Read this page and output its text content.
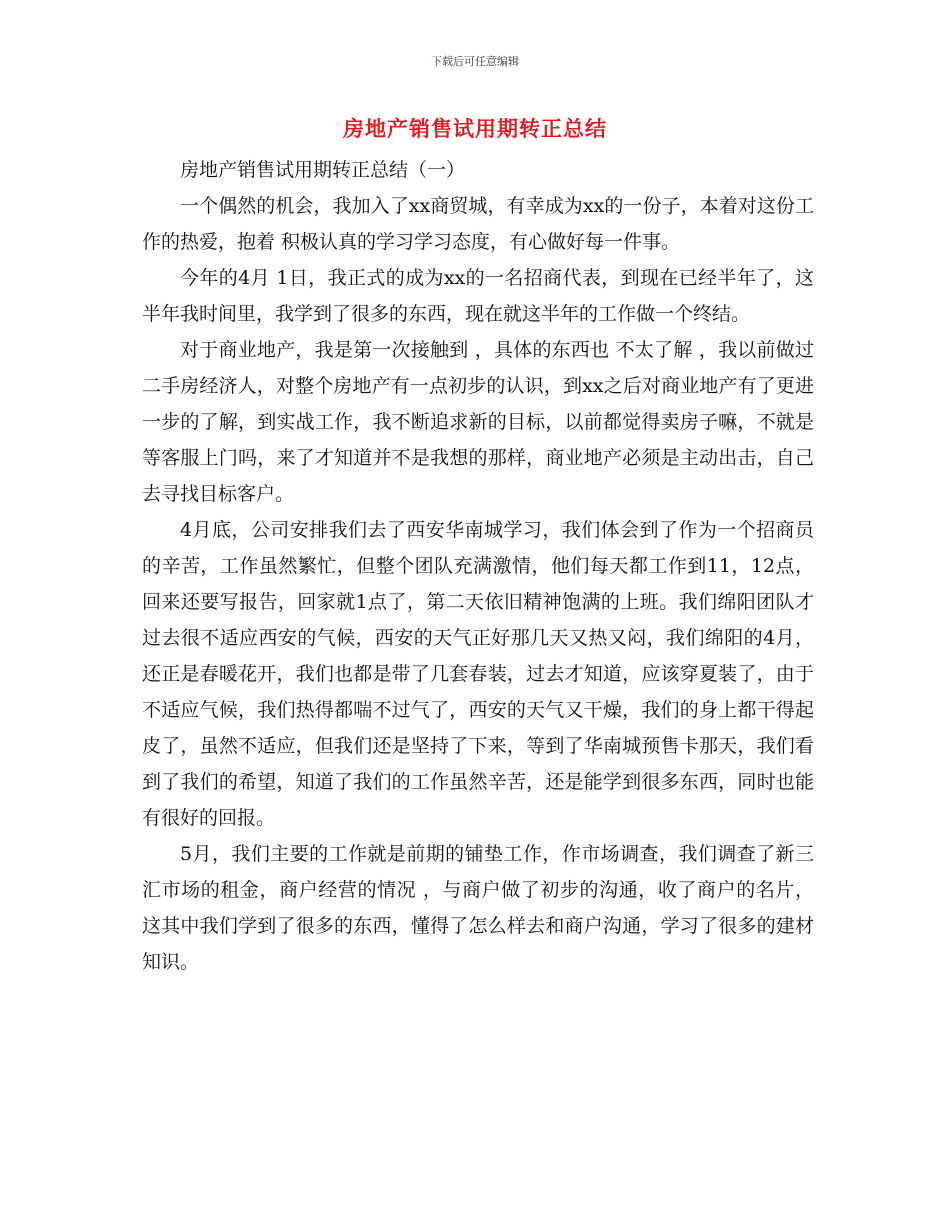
下载后可任意编辑
房地产销售试用期转正总结

房地产销售试用期转正总结（一）

一个偶然的机会，我加入了xx商贸城，有幸成为xx的一份子，本着对这份工作的热爱，抱着 积极认真的学习学习态度，有心做好每一件事。

今年的4月 1日，我正式的成为xx的一名招商代表，到现在已经半年了，这半年我时间里，我学到了很多的东西，现在就这半年的工作做一个终结。

对于商业地产，我是第一次接触到 ，具体的东西也 不太了解 ，我以前做过二手房经济人，对整个房地产有一点初步的认识，到xx之后对商业地产有了更进一步的了解，到实战工作，我不断追求新的目标，以前都觉得卖房子嘛，不就是等客服上门吗，来了才知道并不是我想的那样，商业地产必须是主动出击，自己去寻找目标客户。

4月底，公司安排我们去了西安华南城学习，我们体会到了作为一个招商员的辛苦，工作虽然繁忙，但整个团队充满激情，他们每天都工作到11，12点，回来还要写报告，回家就1点了，第二天依旧精神饱满的上班。我们绵阳团队才过去很不适应西安的气候，西安的天气正好那几天又热又闷，我们绵阳的4月，还正是春暖花开，我们也都是带了几套春装，过去才知道，应该穿夏装了，由于不适应气候，我们热得都喘不过气了，西安的天气又干燥，我们的身上都干得起皮了，虽然不适应，但我们还是坚持了下来，等到了华南城预售卡那天，我们看到了我们的希望，知道了我们的工作虽然辛苦，还是能学到很多东西，同时也能有很好的回报。

5月，我们主要的工作就是前期的铺垫工作，作市场调查，我们调查了新三汇市场的租金，商户经营的情况 ，与商户做了初步的沟通，收了商户的名片， 这其中我们学到了很多的东西，懂得了怎么样去和商户沟通，学习了很多的建材知识。
